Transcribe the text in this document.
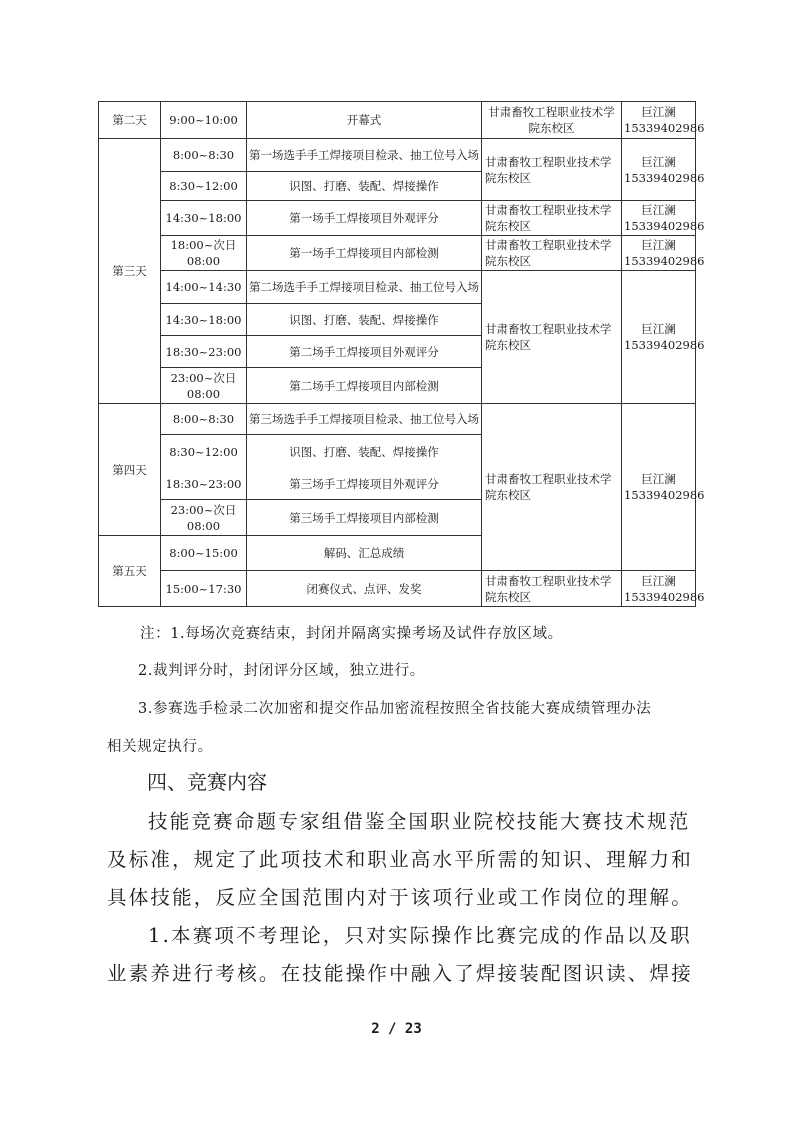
第二天	9:00~10:00	开幕式	甘肃畜牧工程职业技术学院东校区	巨江澜 15339402986
第三天	8:00~8:30	第一场选手手工焊接项目检录、抽工位号入场	甘肃畜牧工程职业技术学院东校区	巨江澜 15339402986
	8:30~12:00	识图、打磨、装配、焊接操作		
	14:30~18:00	第一场手工焊接项目外观评分	甘肃畜牧工程职业技术学院东校区	巨江澜 15339402986
	18:00~次日 08:00	第一场手工焊接项目内部检测	甘肃畜牧工程职业技术学院东校区	巨江澜 15339402986
	14:00~14:30	第二场选手手工焊接项目检录、抽工位号入场	甘肃畜牧工程职业技术学院东校区	巨江澜 15339402986
	14:30~18:00	识图、打磨、装配、焊接操作		
	18:30~23:00	第二场手工焊接项目外观评分		
	23:00~次日 08:00	第二场手工焊接项目内部检测		
第四天	8:00~8:30	第三场选手手工焊接项目检录、抽工位号入场	甘肃畜牧工程职业技术学院东校区	巨江澜 15339402986
	8:30~12:00	识图、打磨、装配、焊接操作		
	18:30~23:00	第三场手工焊接项目外观评分		
	23:00~次日 08:00	第三场手工焊接项目内部检测		
第五天	8:00~15:00	解码、汇总成绩		
	15:00~17:30	闭赛仪式、点评、发奖	甘肃畜牧工程职业技术学院东校区	巨江澜 15339402986

注：1.每场次竞赛结束，封闭并隔离实操考场及试件存放区域。

2.裁判评分时，封闭评分区域，独立进行。

3.参赛选手检录二次加密和提交作品加密流程按照全省技能大赛成绩管理办法

相关规定执行。

四、竞赛内容

技能竞赛命题专家组借鉴全国职业院校技能大赛技术规范

及标准，规定了此项技术和职业高水平所需的知识、理解力和

具体技能，反应全国范围内对于该项行业或工作岗位的理解。

1.本赛项不考理论，只对实际操作比赛完成的作品以及职

业素养进行考核。在技能操作中融入了焊接装配图识读、焊接

2 / 23
